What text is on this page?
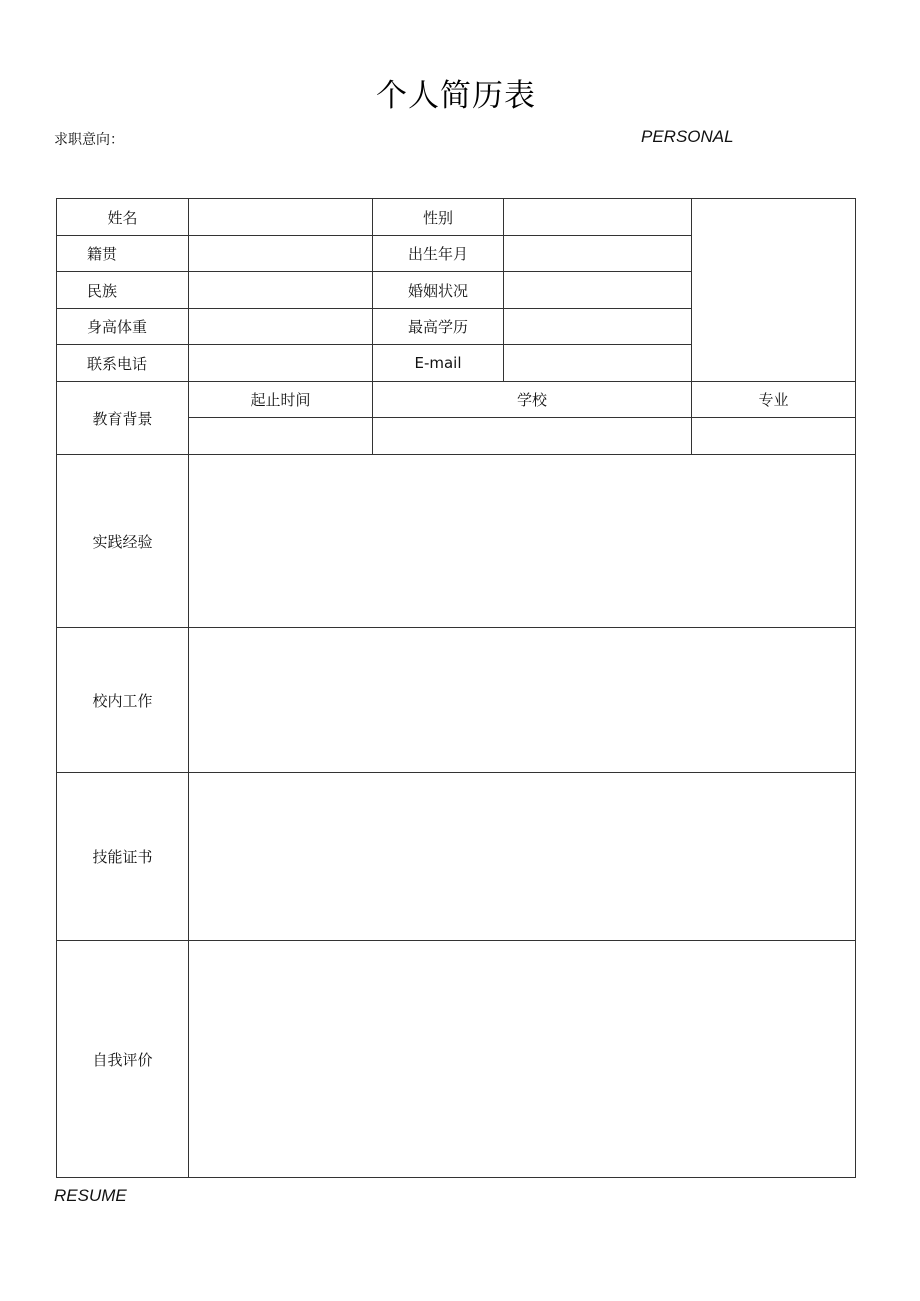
个人简历表
求职意向：	PERSONAL
姓名		性别		
籍贯		出生年月		
民族		婚姻状况		
身高体重		最高学历		
联系电话		E-mail		
教育背景	起止时间	学校		专业

实践经验				
校内工作				
技能证书				
自我评价				
RESUME
